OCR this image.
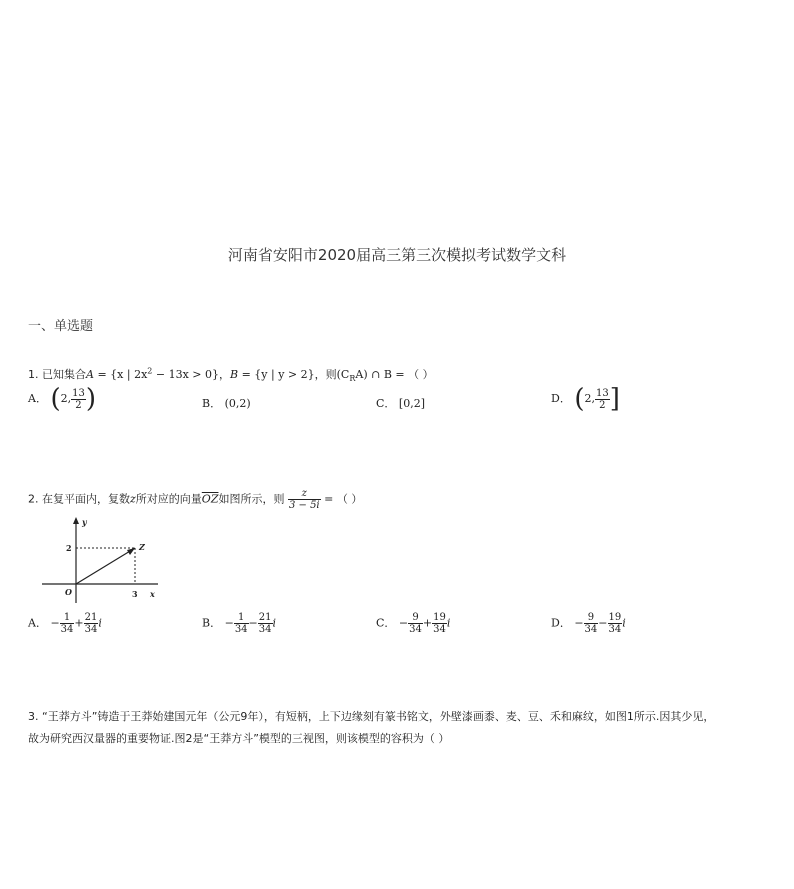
河南省安阳市2020届高三第三次模拟考试数学文科
一、单选题
1. 已知集合A = {x | $2x^2 - 13x > 0$}，B = {y | y > 2}，则$(C_RA)$ ∩ B = （ ）
A． (2, $\frac{13}{2}$ )	B． (0,2)	C． [0,2]	D． (2, $\frac{13}{2}$ ]
2. 在复平面内，复数z所对应的向量$\overline{OZ}$如图所示，则 $\frac{z}{3 - 5i}$ = （ ）
y
x
O
Z
3
2
A． − $\frac{1}{34} + \frac{21}{34}$ i	B． − $\frac{1}{34} - \frac{21}{34}$ i	C． − $\frac{9}{34} + \frac{19}{34}$ i	D． − $\frac{9}{34} - \frac{19}{34}$ i
3. “王莽方斗”铸造于王莽始建国元年（公元9年），有短柄，上下边缘刻有篆书铭文，外壁漆画黍、麦、豆、禾和麻纹，如图1所示.因其少见，
故为研究西汉量器的重要物证.图2是“王莽方斗”模型的三视图，则该模型的容积为（ ）
